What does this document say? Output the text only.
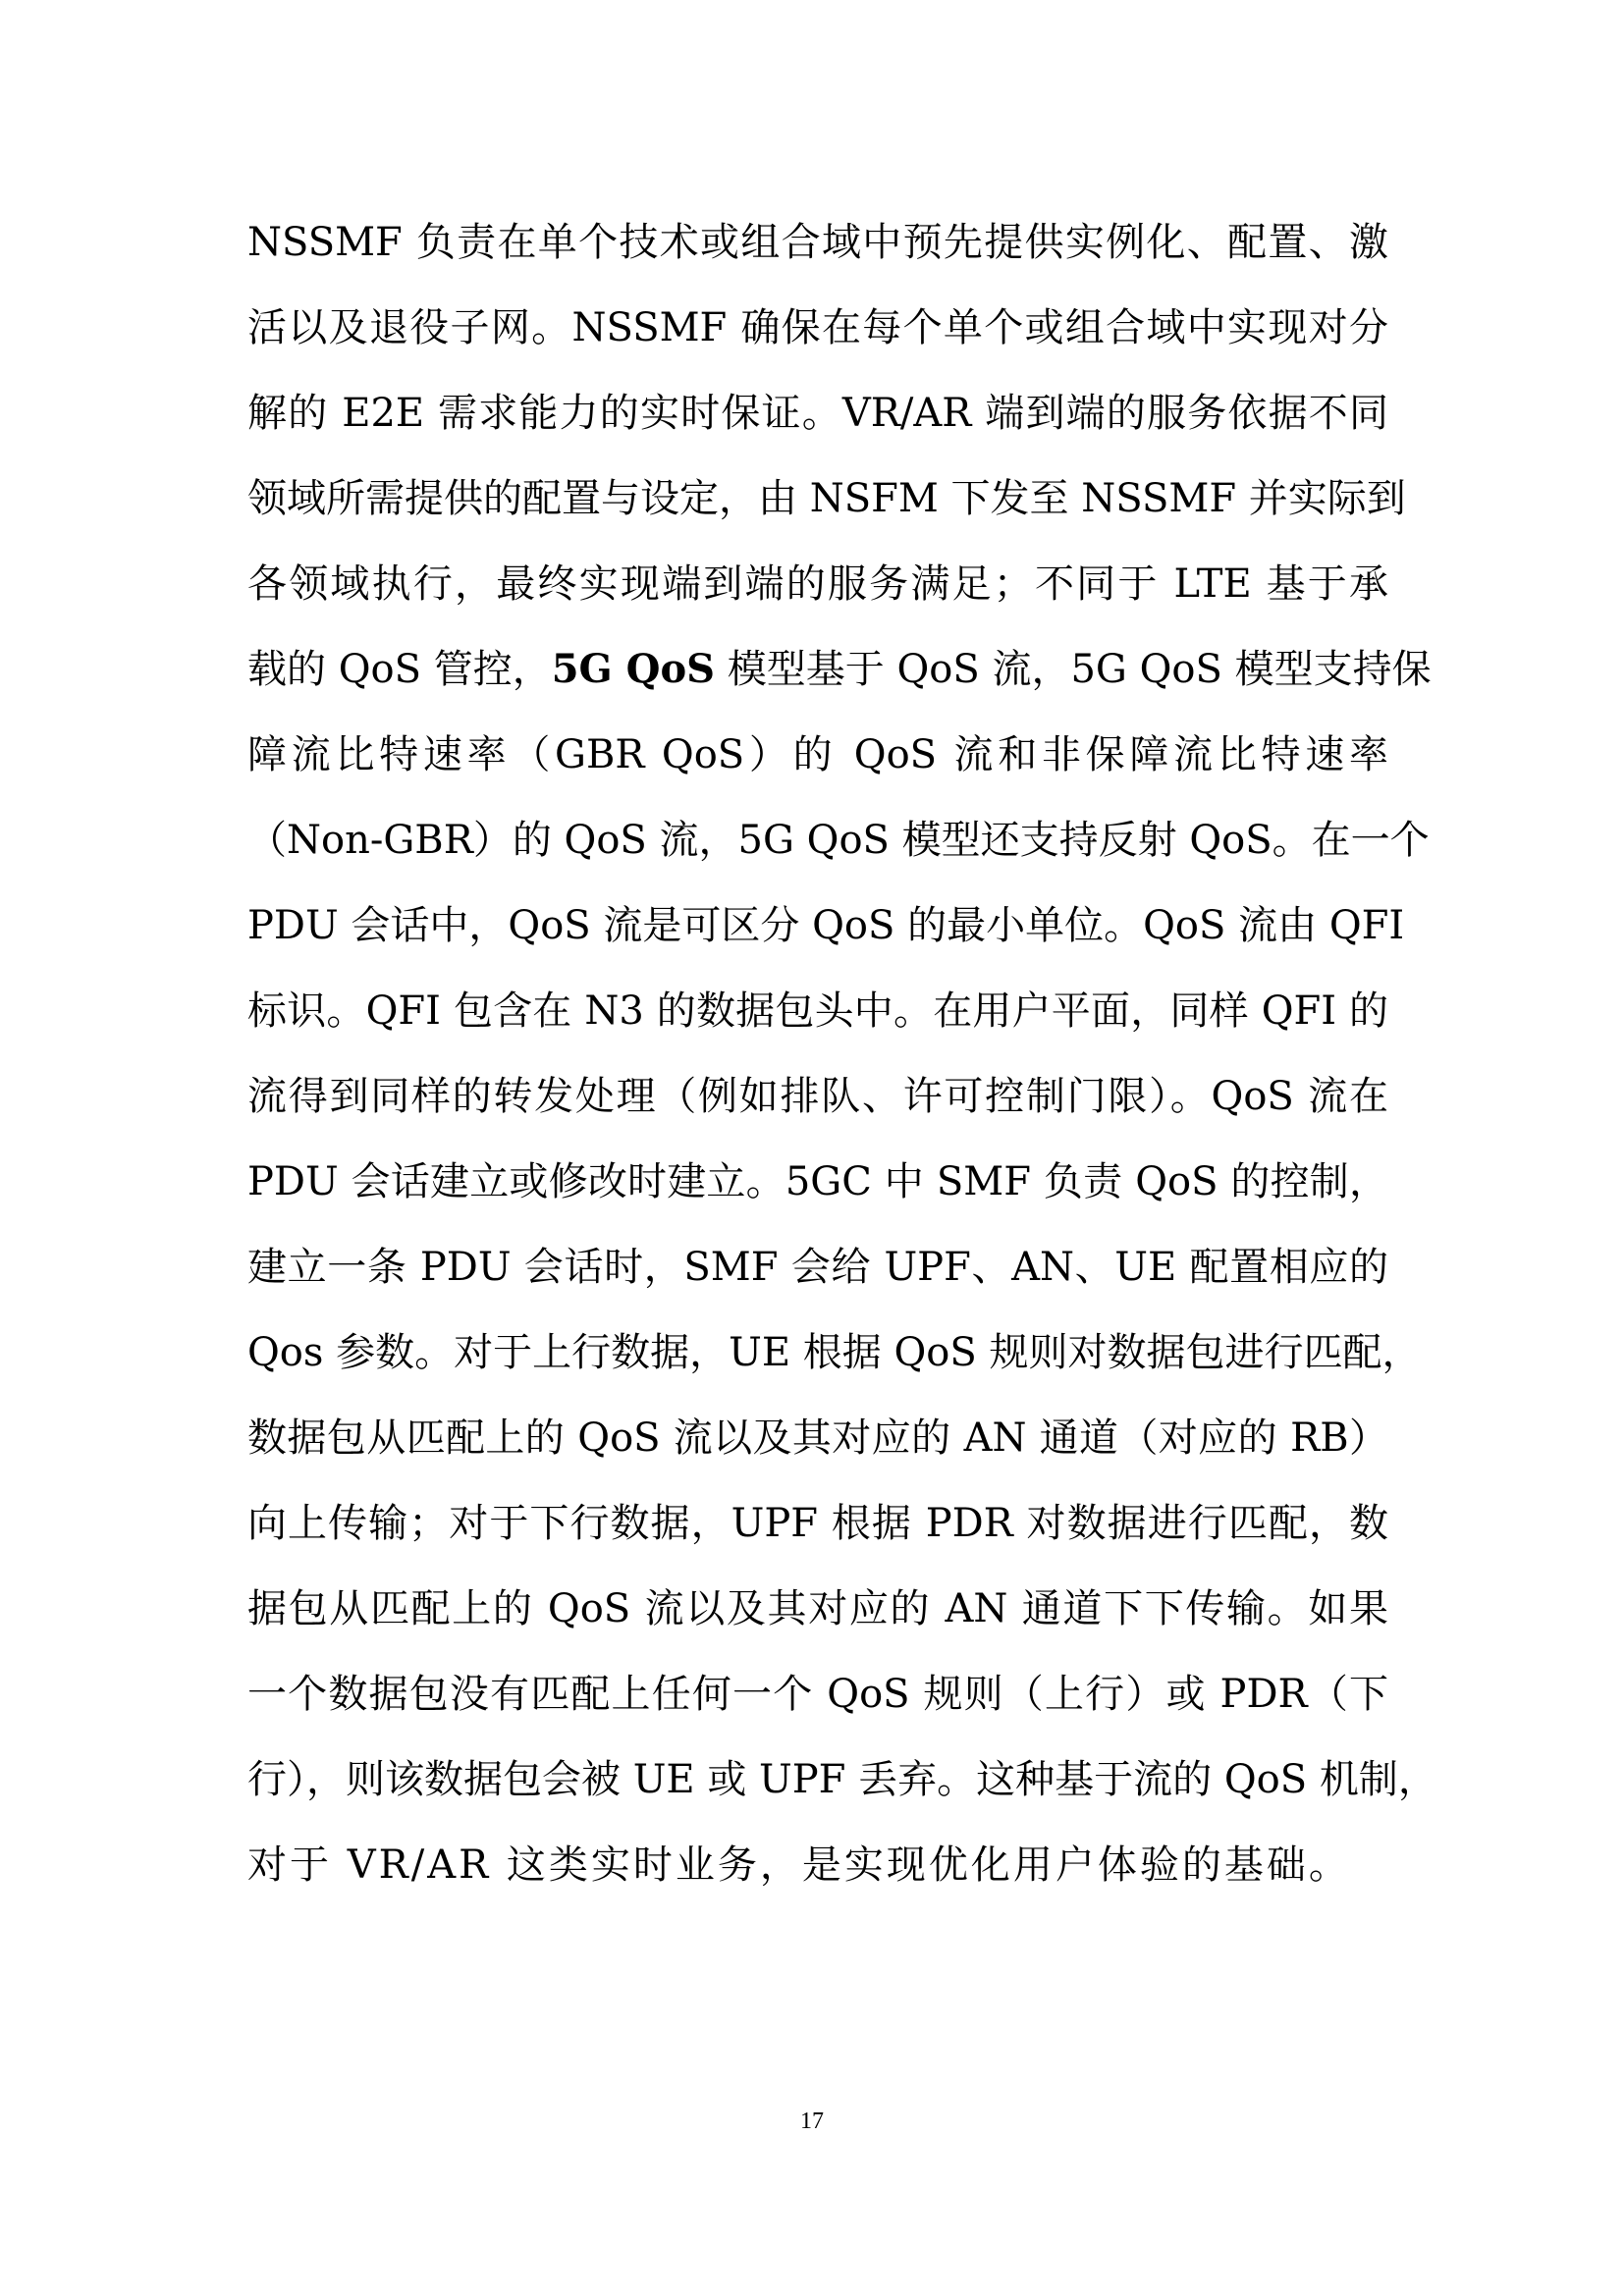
NSSMF 负责在单个技术或组合域中预先提供实例化、配置、激
活以及退役子网。NSSMF 确保在每个单个或组合域中实现对分
解的 E2E 需求能力的实时保证。VR/AR 端到端的服务依据不同
领域所需提供的配置与设定，由 NSFM 下发至 NSSMF 并实际到
各领域执行，最终实现端到端的服务满足；不同于 LTE 基于承
载的 QoS 管控，5G QoS 模型基于 QoS 流，5G QoS 模型支持保
障流比特速率（GBR QoS）的 QoS 流和非保障流比特速率
（Non-GBR）的 QoS 流，5G QoS 模型还支持反射 QoS。在一个
PDU 会话中，QoS 流是可区分 QoS 的最小单位。QoS 流由 QFI
标识。QFI 包含在 N3 的数据包头中。在用户平面，同样 QFI 的
流得到同样的转发处理（例如排队、许可控制门限）。QoS 流在
PDU 会话建立或修改时建立。5GC 中 SMF 负责 QoS 的控制，
建立一条 PDU 会话时，SMF 会给 UPF、AN、UE 配置相应的
Qos 参数。对于上行数据，UE 根据 QoS 规则对数据包进行匹配，
数据包从匹配上的 QoS 流以及其对应的 AN 通道（对应的 RB）
向上传输；对于下行数据，UPF 根据 PDR 对数据进行匹配，数
据包从匹配上的 QoS 流以及其对应的 AN 通道下下传输。如果
一个数据包没有匹配上任何一个 QoS 规则（上行）或 PDR（下
行），则该数据包会被 UE 或 UPF 丢弃。这种基于流的 QoS 机制，
对于 VR/AR 这类实时业务，是实现优化用户体验的基础。
17
